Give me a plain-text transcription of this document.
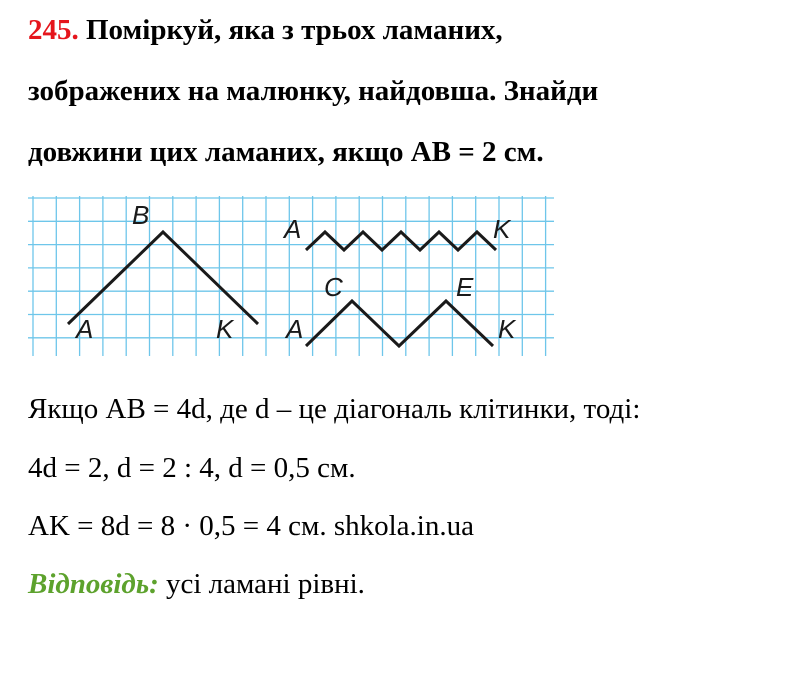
245. Поміркуй, яка з трьох ламаних,
зображених на малюнку, найдовша. Знайди
довжини цих ламаних, якщо АВ = 2 см.
B
A	K
A	K
A
C	E
K
Якщо AB = 4d, де d – це діагональ клітинки, тоді:
4d = 2, d = 2 : 4, d = 0,5 см.
AK = 8d = 8 · 0,5 = 4 см. shkola.in.ua
Відповідь: усі ламані рівні.
